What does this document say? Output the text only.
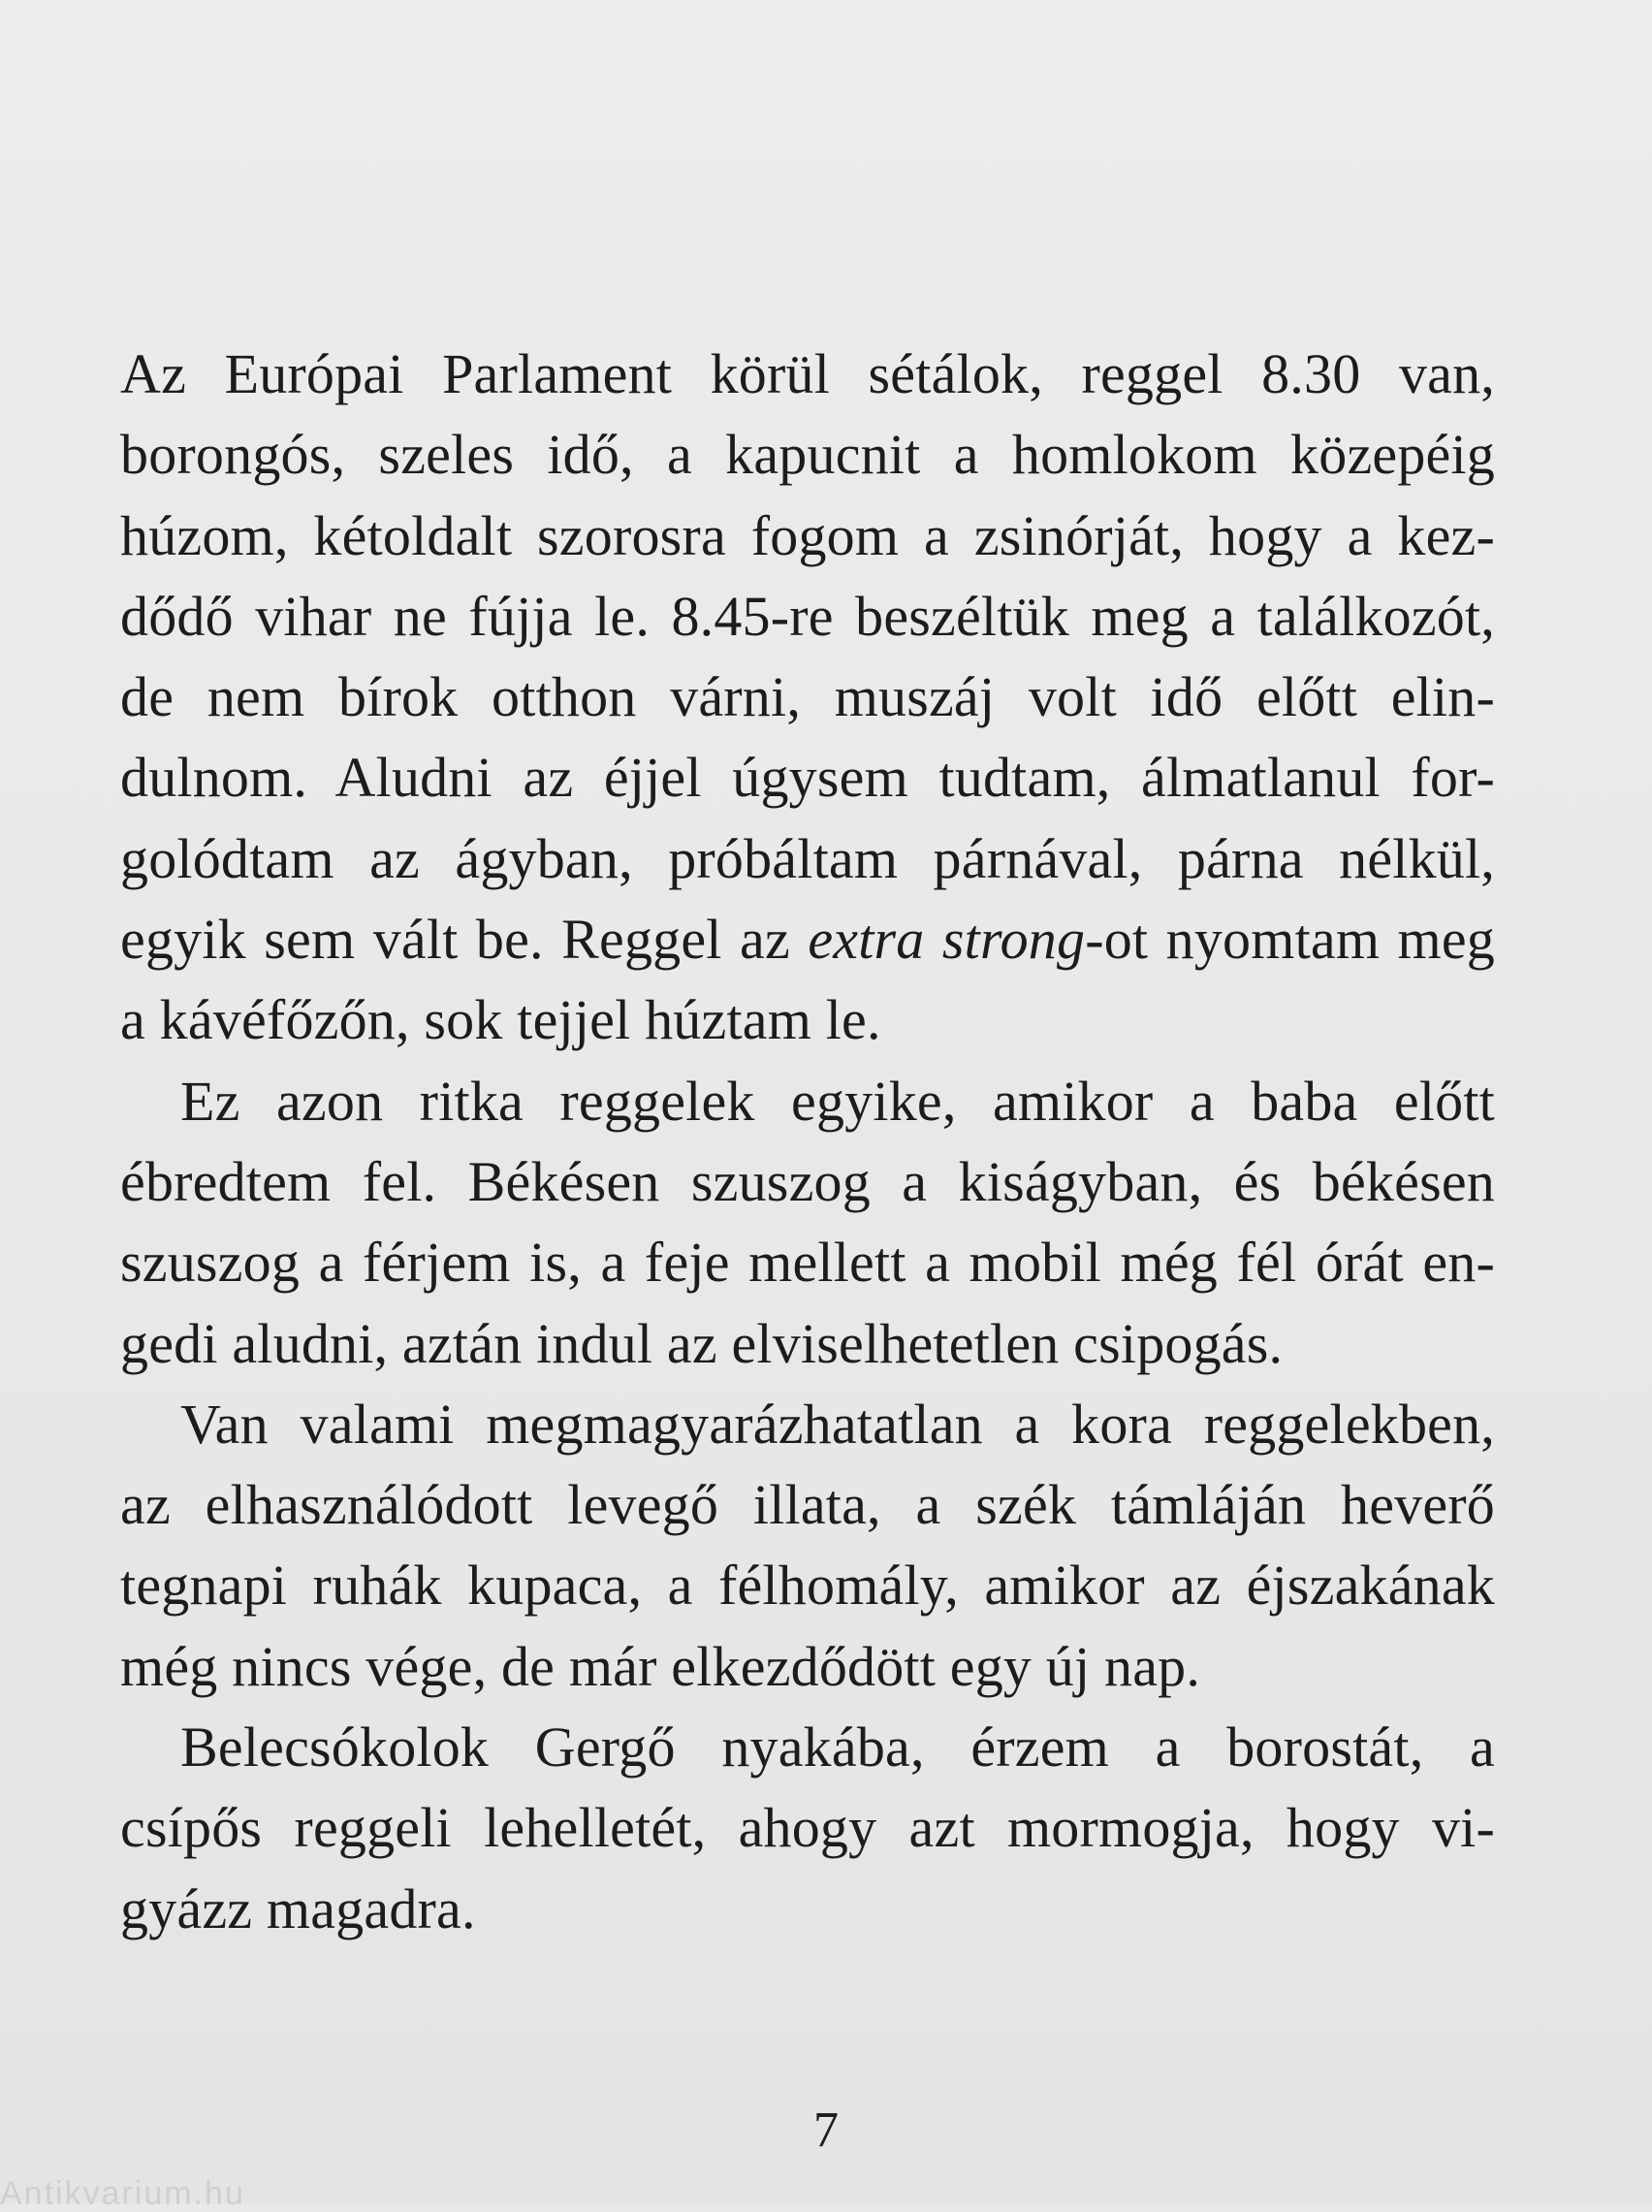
Az Európai Parlament körül sétálok, reggel 8.30 van,
borongós, szeles idő, a kapucnit a homlokom közepéig
húzom, kétoldalt szorosra fogom a zsinórját, hogy a kez-
dődő vihar ne fújja le. 8.45-re beszéltük meg a találkozót,
de nem bírok otthon várni, muszáj volt idő előtt elin-
dulnom. Aludni az éjjel úgysem tudtam, álmatlanul for-
golódtam az ágyban, próbáltam párnával, párna nélkül,
egyik sem vált be. Reggel az extra strong-ot nyomtam meg
a kávéfőzőn, sok tejjel húztam le.
Ez azon ritka reggelek egyike, amikor a baba előtt
ébredtem fel. Békésen szuszog a kiságyban, és békésen
szuszog a férjem is, a feje mellett a mobil még fél órát en-
gedi aludni, aztán indul az elviselhetetlen csipogás.
Van valami megmagyarázhatatlan a kora reggelekben,
az elhasználódott levegő illata, a szék támláján heverő
tegnapi ruhák kupaca, a félhomály, amikor az éjszakának
még nincs vége, de már elkezdődött egy új nap.
Belecsókolok Gergő nyakába, érzem a borostát, a
csípős reggeli lehelletét, ahogy azt mormogja, hogy vi-
gyázz magadra.
7
Antikvarium.hu
